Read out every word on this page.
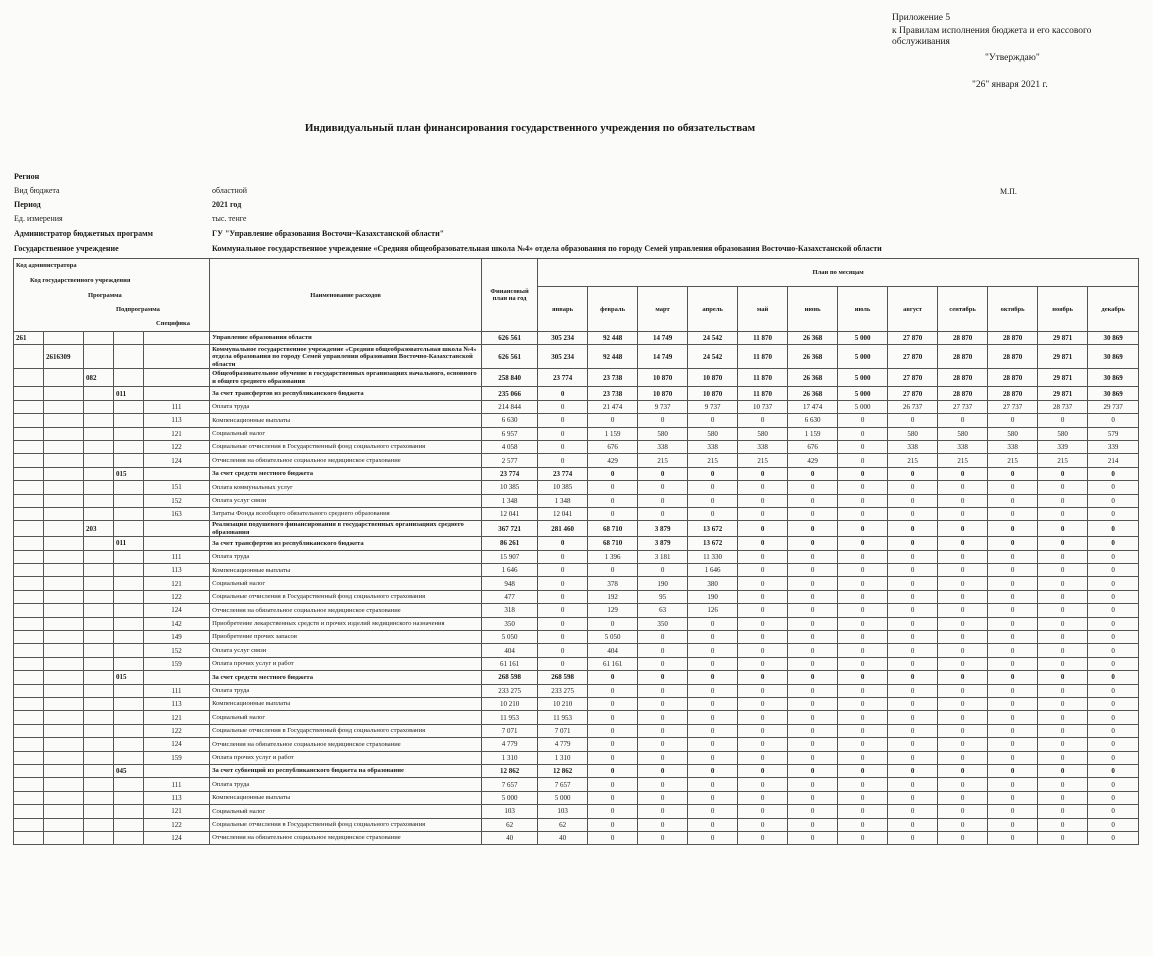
Приложение 5
к Правилам исполнения бюджета и его кассового
обслуживания
"Утверждаю"
"26" января 2021 г.
Индивидуальный план финансирования государственного учреждения по обязательствам
Регион
Вид бюджета	областной
Период	2021 год
Ед. измерения	тыс. тенге
Администратор бюджетных программ	ГУ "Управление образования Восточн~Казахстанской области"
Государственное учреждение	Коммунальное государственное учреждение «Средняя общеобразовательная школа №4» отдела образования по городу Семей управления образования Восточно-Казахстанской области
М.П.
Код администратора
Код государственного учреждения
Программа
Подпрограмма
Специфика					Наименование расходов	Финансовый план на год	План по месяцам											
							январь	февраль	март	апрель	май	июнь	июль	август	сентябрь	октябрь	ноябрь	декабрь
261					Управление образования области	626 561	305 234	92 448	14 749	24 542	11 870	26 368	5 000	27 870	28 870	28 870	29 871	30 869
	2616309				Коммунальное государственное учреждение «Средняя общеобразовательная школа №4» отдела образования по городу Семей управления образования Восточно-Казахстанской области	626 561	305 234	92 448	14 749	24 542	11 870	26 368	5 000	27 870	28 870	28 870	29 871	30 869
		082			Общеобразовательное обучение в государственных организациях начального, основного и общего среднего образования	258 840	23 774	23 738	10 870	10 870	11 870	26 368	5 000	27 870	28 870	28 870	29 871	30 869
			011		За счет трансфертов из республиканского бюджета	235 066	0	23 738	10 870	10 870	11 870	26 368	5 000	27 870	28 870	28 870	29 871	30 869
				111	Оплата труда	214 844	0	21 474	9 737	9 737	10 737	17 474	5 000	26 737	27 737	27 737	28 737	29 737
				113	Компенсационные выплаты	6 630	0	0	0	0	0	6 630	0	0	0	0	0	0
				121	Социальный налог	6 957	0	1 159	580	580	580	1 159	0	580	580	580	580	579
				122	Социальные отчисления в Государственный фонд социального страхования	4 058	0	676	338	338	338	676	0	338	338	338	339	339
				124	Отчисления на обязательное социальное медицинское страхование	2 577	0	429	215	215	215	429	0	215	215	215	215	214
			015		За счет средств местного бюджета	23 774	23 774	0	0	0	0	0	0	0	0	0	0	0
				151	Оплата коммунальных услуг	10 385	10 385	0	0	0	0	0	0	0	0	0	0	0
				152	Оплата услуг связи	1 348	1 348	0	0	0	0	0	0	0	0	0	0	0
				163	Затраты Фонда всеобщего обязательного среднего образования	12 041	12 041	0	0	0	0	0	0	0	0	0	0	0
		203			Реализация подушевого финансирования в государственных организациях среднего образования	367 721	281 460	68 710	3 879	13 672	0	0	0	0	0	0	0	0
			011		За счет трансфертов из республиканского бюджета	86 261	0	68 710	3 879	13 672	0	0	0	0	0	0	0	0
				111	Оплата труда	15 907	0	1 396	3 181	11 330	0	0	0	0	0	0	0	0
				113	Компенсационные выплаты	1 646	0	0	0	1 646	0	0	0	0	0	0	0	0
				121	Социальный налог	948	0	378	190	380	0	0	0	0	0	0	0	0
				122	Социальные отчисления в Государственный фонд социального страхования	477	0	192	95	190	0	0	0	0	0	0	0	0
				124	Отчисления на обязательное социальное медицинское страхование	318	0	129	63	126	0	0	0	0	0	0	0	0
				142	Приобретение лекарственных средств и прочих изделий медицинского назначения	350	0	0	350	0	0	0	0	0	0	0	0	0
				149	Приобретение прочих запасов	5 050	0	5 050	0	0	0	0	0	0	0	0	0	0
				152	Оплата услуг связи	404	0	404	0	0	0	0	0	0	0	0	0	0
				159	Оплата прочих услуг и работ	61 161	0	61 161	0	0	0	0	0	0	0	0	0	0
			015		За счет средств местного бюджета	268 598	268 598	0	0	0	0	0	0	0	0	0	0	0
				111	Оплата труда	233 275	233 275	0	0	0	0	0	0	0	0	0	0	0
				113	Компенсационные выплаты	10 210	10 210	0	0	0	0	0	0	0	0	0	0	0
				121	Социальный налог	11 953	11 953	0	0	0	0	0	0	0	0	0	0	0
				122	Социальные отчисления в Государственный фонд социального страхования	7 071	7 071	0	0	0	0	0	0	0	0	0	0	0
				124	Отчисления на обязательное социальное медицинское страхование	4 779	4 779	0	0	0	0	0	0	0	0	0	0	0
				159	Оплата прочих услуг и работ	1 310	1 310	0	0	0	0	0	0	0	0	0	0	0
			045		За счет субвенций из республиканского бюджета на образование	12 862	12 862	0	0	0	0	0	0	0	0	0	0	0
				111	Оплата труда	7 657	7 657	0	0	0	0	0	0	0	0	0	0	0
				113	Компенсационные выплаты	5 000	5 000	0	0	0	0	0	0	0	0	0	0	0
				121	Социальный налог	103	103	0	0	0	0	0	0	0	0	0	0	0
				122	Социальные отчисления в Государственный фонд социального страхования	62	62	0	0	0	0	0	0	0	0	0	0	0
				124	Отчисления на обязательное социальное медицинское страхование	40	40	0	0	0	0	0	0	0	0	0	0	0
